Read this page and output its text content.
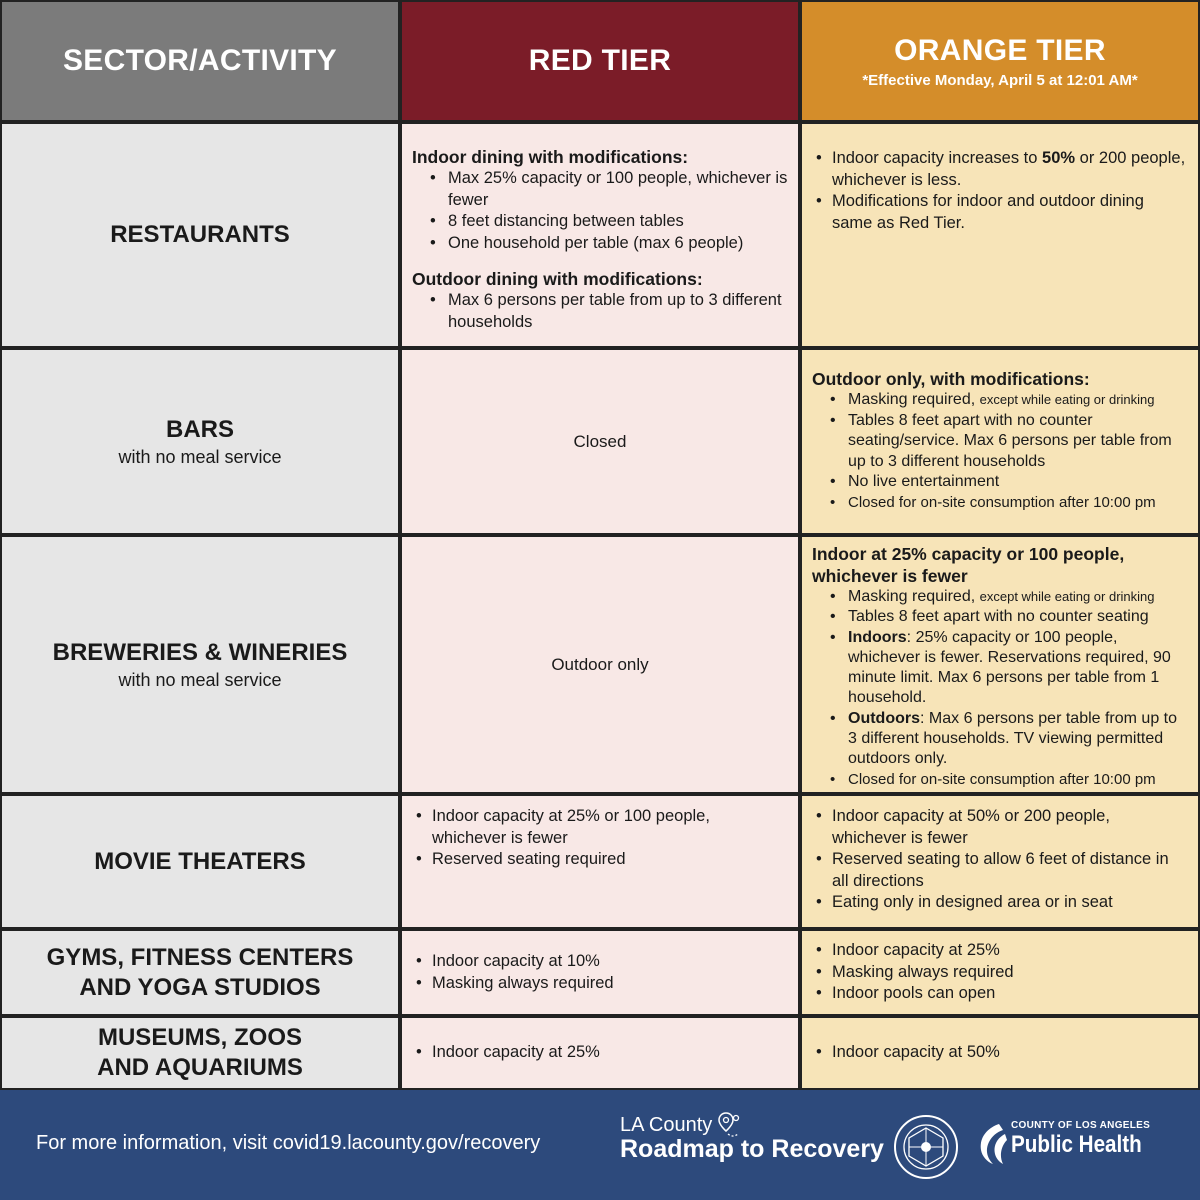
SECTOR/ACTIVITY	RED TIER	ORANGE TIER
*Effective Monday, April 5 at 12:01 AM*
RESTAURANTS
Indoor dining with modifications:
• Max 25% capacity or 100 people, whichever is fewer
• 8 feet distancing between tables
• One household per table (max 6 people)
Outdoor dining with modifications:
• Max 6 persons per table from up to 3 different households
• Indoor capacity increases to 50% or 200 people, whichever is less.
• Modifications for indoor and outdoor dining same as Red Tier.
BARS
with no meal service
Closed
Outdoor only, with modifications:
• Masking required, except while eating or drinking
• Tables 8 feet apart with no counter seating/service. Max 6 persons per table from up to 3 different households
• No live entertainment
• Closed for on-site consumption after 10:00 pm
BREWERIES & WINERIES
with no meal service
Outdoor only
Indoor at 25% capacity or 100 people, whichever is fewer
• Masking required, except while eating or drinking
• Tables 8 feet apart with no counter seating
• Indoors: 25% capacity or 100 people, whichever is fewer. Reservations required, 90 minute limit. Max 6 persons per table from 1 household.
• Outdoors: Max 6 persons per table from up to 3 different households. TV viewing permitted outdoors only.
• Closed for on-site consumption after 10:00 pm
MOVIE THEATERS
• Indoor capacity at 25% or 100 people, whichever is fewer
• Reserved seating required
• Indoor capacity at 50% or 200 people, whichever is fewer
• Reserved seating to allow 6 feet of distance in all directions
• Eating only in designed area or in seat
GYMS, FITNESS CENTERS
AND YOGA STUDIOS
• Indoor capacity at 10%
• Masking always required
• Indoor capacity at 25%
• Masking always required
• Indoor pools can open
MUSEUMS, ZOOS
AND AQUARIUMS
• Indoor capacity at 25%
•	Indoor capacity at 50%
For more information, visit covid19.lacounty.gov/recovery
LA County
Roadmap to Recovery
COUNTY OF LOS ANGELES
Public Health
